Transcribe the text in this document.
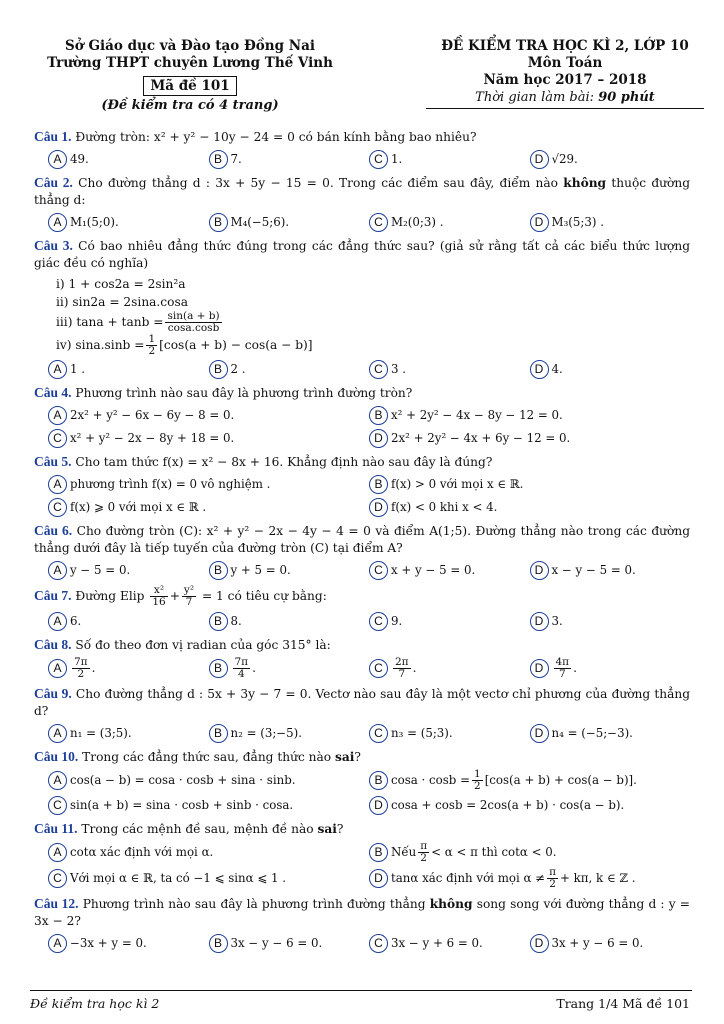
Sở Giáo dục và Đào tạo Đồng Nai
Trường THPT chuyên Lương Thế Vinh
Mã đề 101
(Đề kiểm tra có 4 trang)
ĐỀ KIỂM TRA HỌC KÌ 2, LỚP 10
Môn Toán
Năm học 2017 – 2018
Thời gian làm bài: 90 phút
Câu 1. Đường tròn: x² + y² − 10y − 24 = 0 có bán kính bằng bao nhiêu?
A 49.	B 7.	C 1.	D √29.
Câu 2. Cho đường thẳng d : 3x + 5y − 15 = 0. Trong các điểm sau đây, điểm nào không thuộc đường thẳng d:
A M₁(5;0).	B M₄(−5;6).	C M₂(0;3) .	D M₃(5;3) .
Câu 3. Có bao nhiêu đẳng thức đúng trong các đẳng thức sau? (giả sử rằng tất cả các biểu thức lượng giác đều có nghĩa)
i) 1 + cos2a = 2sin²a
ii) sin2a = 2sina.cosa
iii) $\tan a + \tan b = \frac{\sin(a + b)}{\cos a.\cos b}$
iv) $\sin a.\sin b = \frac{1}{2} [\cos(a + b) - \cos(a - b)]$
A 1 .	B 2 .	C 3 .	D 4.
Câu 4. Phương trình nào sau đây là phương trình đường tròn?
A 2x² + y² − 6x − 6y − 8 = 0.	B x² + 2y² − 4x − 8y − 12 = 0.
C x² + y² − 2x − 8y + 18 = 0.	D 2x² + 2y² − 4x + 6y − 12 = 0.
Câu 5. Cho tam thức f(x) = x² − 8x + 16. Khẳng định nào sau đây là đúng?
A phương trình f(x) = 0 vô nghiệm .	B f(x) > 0 với mọi x ∈ ℝ.
C f(x) ⩾ 0 với mọi x ∈ ℝ .	D f(x) < 0 khi x < 4.
Câu 6. Cho đường tròn (C): x² + y² − 2x − 4y − 4 = 0 và điểm A(1;5). Đường thẳng nào trong các đường thẳng dưới đây là tiếp tuyến của đường tròn (C) tại điểm A?
A y − 5 = 0.	B y + 5 = 0.	C x + y − 5 = 0.	D x − y − 5 = 0.
Câu 7. Đường Elip $\frac{\text{x²}}{16} + \frac{\text{y²}}{7} = 1$ có tiêu cự bằng:
A 6.	B 8.	C 9.	D 3.
Câu 8. Số đo theo đơn vị radian của góc 315° là:
A	$\frac{7\pi}{2}$ .	B	$\frac{7\pi}{4}$ .	C $\frac{2\pi}{7}$ .	D $\frac{4\pi}{7}$ .
Câu 9. Cho đường thẳng d : 5x + 3y − 7 = 0. Vectơ nào sau đây là một vectơ chỉ phương của đường thẳng d?
A n₁ = (3;5).	B n₂ = (3;−5).	C n₃ = (5;3).	D n₄ = (−5;−3).
Câu 10. Trong các đẳng thức sau, đẳng thức nào sai?
A cos(a − b) = cosa · cosb + sina · sinb.	B $\cos a \cdot \cos b = \frac{1}{2} [\cos(a + b) + \cos(a - b)]$.
C sin(a + b) = sina · cosb + sinb · cosa.	D cosa + cosb = 2cos(a + b) · cos(a − b).
Câu 11. Trong các mệnh đề sau, mệnh đề nào sai?
A cotα xác định với mọi α.	B Nếu $\frac{\pi}{2} < \alpha < \pi$ thì cotα < 0.
C Với mọi α ∈ ℝ, ta có −1 ⩽ sinα ⩽ 1 .	D tanα xác định với mọi $\alpha \ne \frac{\pi}{2} + k\pi$, k ∈ ℤ .
Câu 12. Phương trình nào sau đây là phương trình đường thẳng không song song với đường thẳng d : y = 3x − 2?
A −3x + y = 0.	B 3x − y − 6 = 0.	C 3x − y + 6 = 0.	D 3x + y − 6 = 0.
Đề kiểm tra học kì 2	Trang 1/4 Mã đề 101
